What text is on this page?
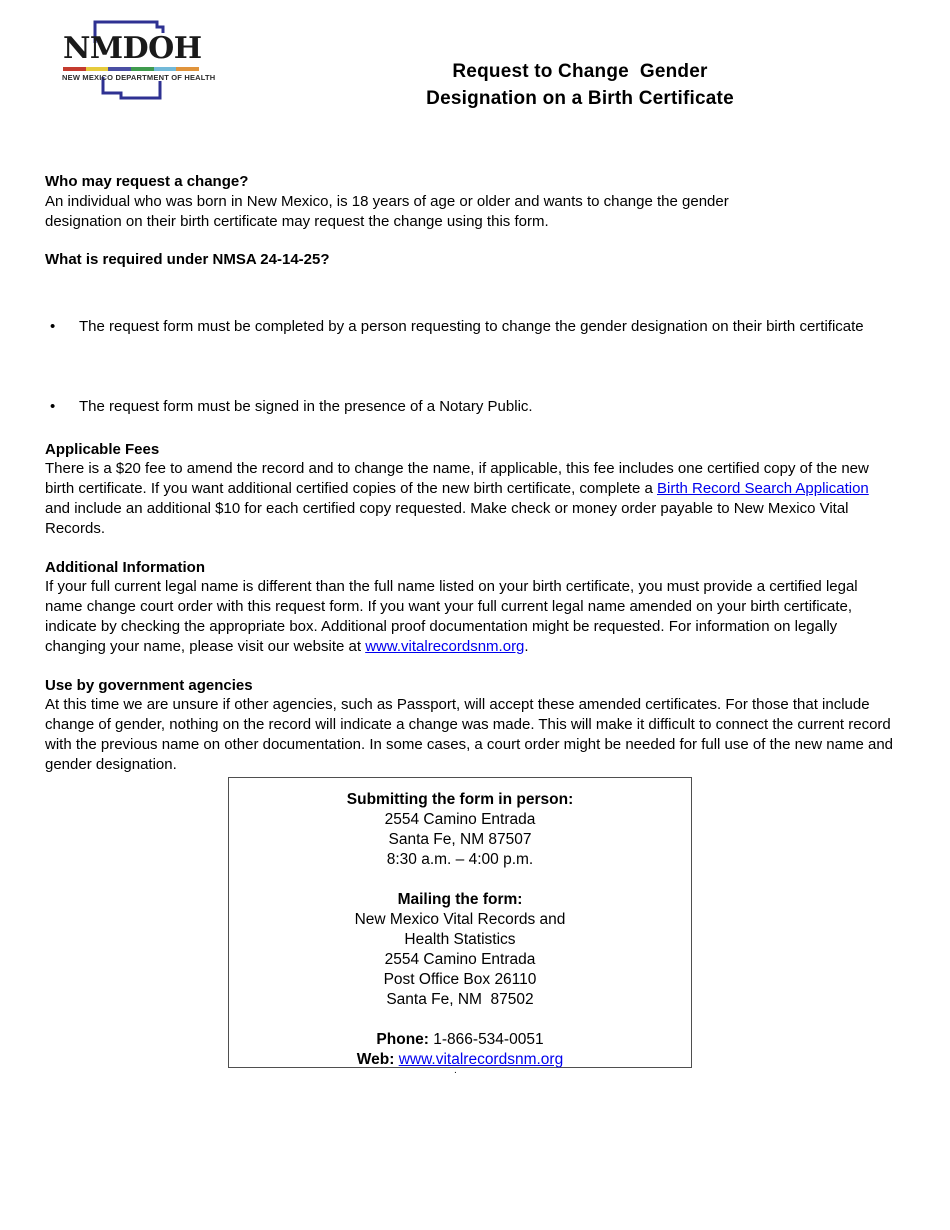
NMDOH
NEW MEXICO DEPARTMENT OF HEALTH	Request to Change  Gender
Designation on a Birth Certificate
Who may request a change?
An individual who was born in New Mexico, is 18 years of age or older and wants to change the gender designation on their birth certificate may request the change using this form.
What is required under NMSA 24-14-25?
•
The request form must be completed by a person requesting to change the gender designation on their birth certificate
•
The request form must be signed in the presence of a Notary Public.
Applicable Fees
There is a $20 fee to amend the record and to change the name, if applicable, this fee includes one certified copy of the new birth certificate. If you want additional certified copies of the new birth certificate, complete a Birth Record Search Application and include an additional $10 for each certified copy requested. Make check or money order payable to New Mexico Vital Records.
Additional Information
If your full current legal name is different than the full name listed on your birth certificate, you must provide a certified legal name change court order with this request form. If you want your full current legal name amended on your birth certificate, indicate by checking the appropriate box. Additional proof documentation might be requested. For information on legally changing your name, please visit our website at www.vitalrecordsnm.org.
Use by government agencies
At this time we are unsure if other agencies, such as Passport, will accept these amended certificates. For those that include change of gender, nothing on the record will indicate a change was made. This will make it difficult to connect the current record with the previous name on other documentation. In some cases, a court order might be needed for full use of the new name and gender designation.
Submitting the form in person:
2554 Camino Entrada
Santa Fe, NM 87507
8:30 a.m. – 4:00 p.m.
Mailing the form:
New Mexico Vital Records and
Health Statistics
2554 Camino Entrada
Post Office Box 26110
Santa Fe, NM  87502
Phone: 1-866-534-0051
Web: www.vitalrecordsnm.org
.
